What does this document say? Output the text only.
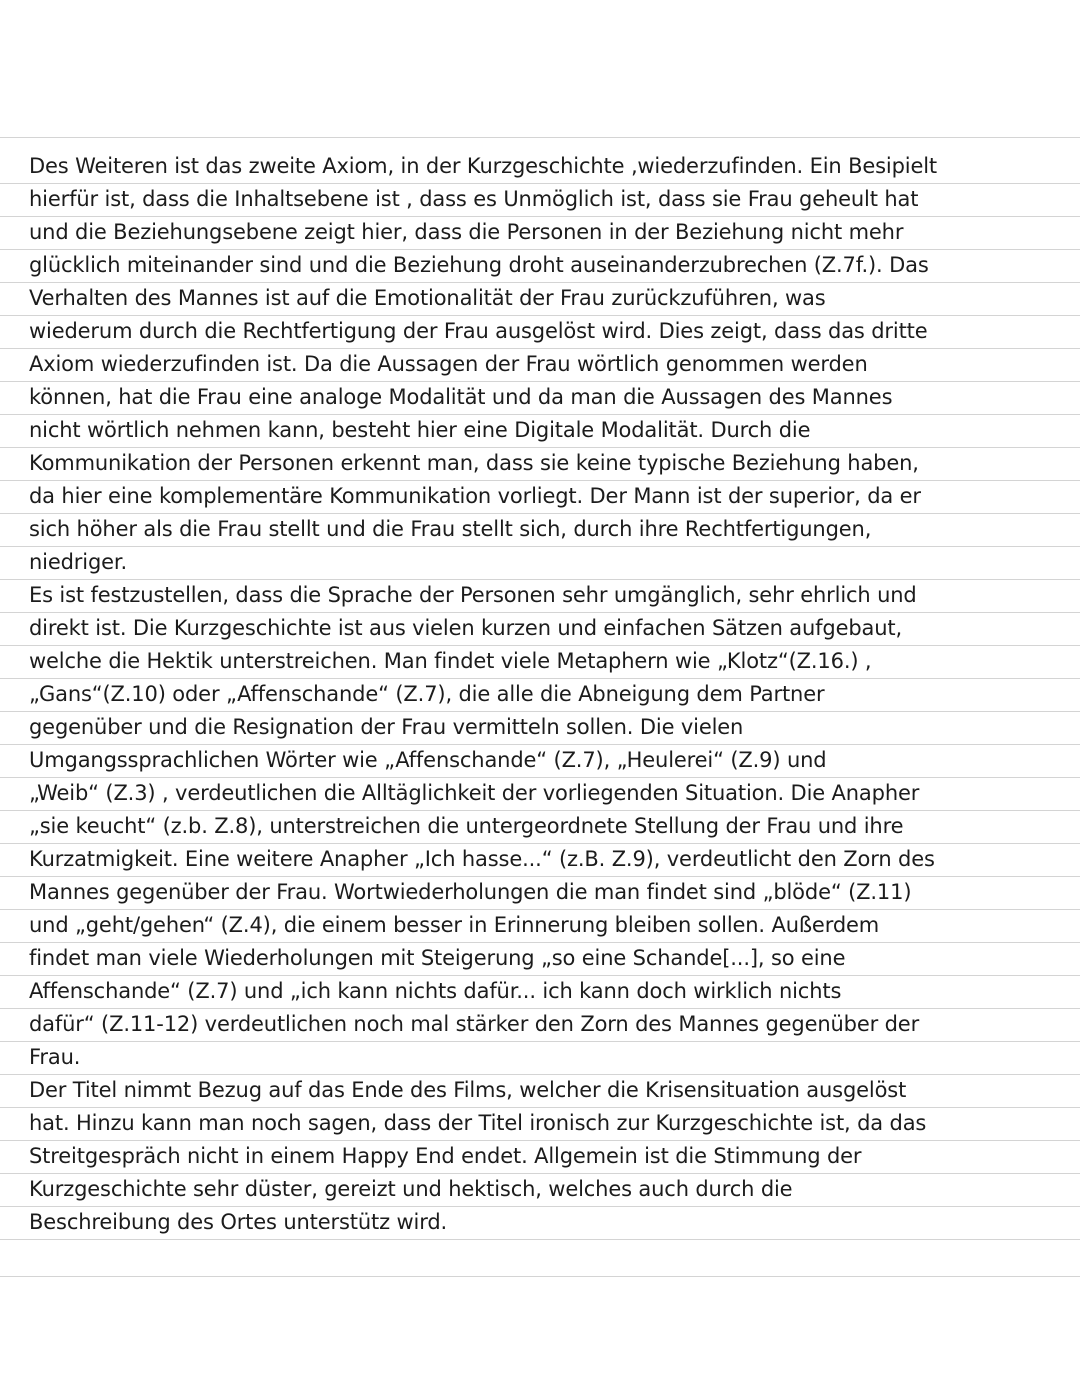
Des Weiteren ist das zweite Axiom, in der Kurzgeschichte ‚wiederzufinden. Ein Besipielt
hierfür ist, dass die Inhaltsebene ist , dass es Unmöglich ist, dass sie Frau geheult hat
und die Beziehungsebene zeigt hier, dass die Personen in der Beziehung nicht mehr
glücklich miteinander sind und die Beziehung droht auseinanderzubrechen (Z.7f.). Das
Verhalten des Mannes ist auf die Emotionalität der Frau zurückzuführen, was
wiederum durch die Rechtfertigung der Frau ausgelöst wird. Dies zeigt, dass das dritte
Axiom wiederzufinden ist. Da die Aussagen der Frau wörtlich genommen werden
können, hat die Frau eine analoge Modalität und da man die Aussagen des Mannes
nicht wörtlich nehmen kann, besteht hier eine Digitale Modalität. Durch die
Kommunikation der Personen erkennt man, dass sie keine typische Beziehung haben,
da hier eine komplementäre Kommunikation vorliegt. Der Mann ist der superior, da er
sich höher als die Frau stellt und die Frau stellt sich, durch ihre Rechtfertigungen,
niedriger.
Es ist festzustellen, dass die Sprache der Personen sehr umgänglich, sehr ehrlich und
direkt ist. Die Kurzgeschichte ist aus vielen kurzen und einfachen Sätzen aufgebaut,
welche die Hektik unterstreichen. Man findet viele Metaphern wie „Klotz“(Z.16.) ,
„Gans“(Z.10) oder „Affenschande“ (Z.7), die alle die Abneigung dem Partner
gegenüber und die Resignation der Frau vermitteln sollen. Die vielen
Umgangssprachlichen Wörter wie „Affenschande“ (Z.7), „Heulerei“ (Z.9) und
„Weib“ (Z.3) , verdeutlichen die Alltäglichkeit der vorliegenden Situation. Die Anapher
„sie keucht“ (z.b. Z.8), unterstreichen die untergeordnete Stellung der Frau und ihre
Kurzatmigkeit. Eine weitere Anapher „Ich hasse...“ (z.B. Z.9), verdeutlicht den Zorn des
Mannes gegenüber der Frau. Wortwiederholungen die man findet sind „blöde“ (Z.11)
und „geht/gehen“ (Z.4), die einem besser in Erinnerung bleiben sollen. Außerdem
findet man viele Wiederholungen mit Steigerung „so eine Schande[...], so eine
Affenschande“ (Z.7) und „ich kann nichts dafür... ich kann doch wirklich nichts
dafür“ (Z.11-12) verdeutlichen noch mal stärker den Zorn des Mannes gegenüber der
Frau.
Der Titel nimmt Bezug auf das Ende des Films, welcher die Krisensituation ausgelöst
hat. Hinzu kann man noch sagen, dass der Titel ironisch zur Kurzgeschichte ist, da das
Streitgespräch nicht in einem Happy End endet. Allgemein ist die Stimmung der
Kurzgeschichte sehr düster, gereizt und hektisch, welches auch durch die
Beschreibung des Ortes unterstütz wird.
